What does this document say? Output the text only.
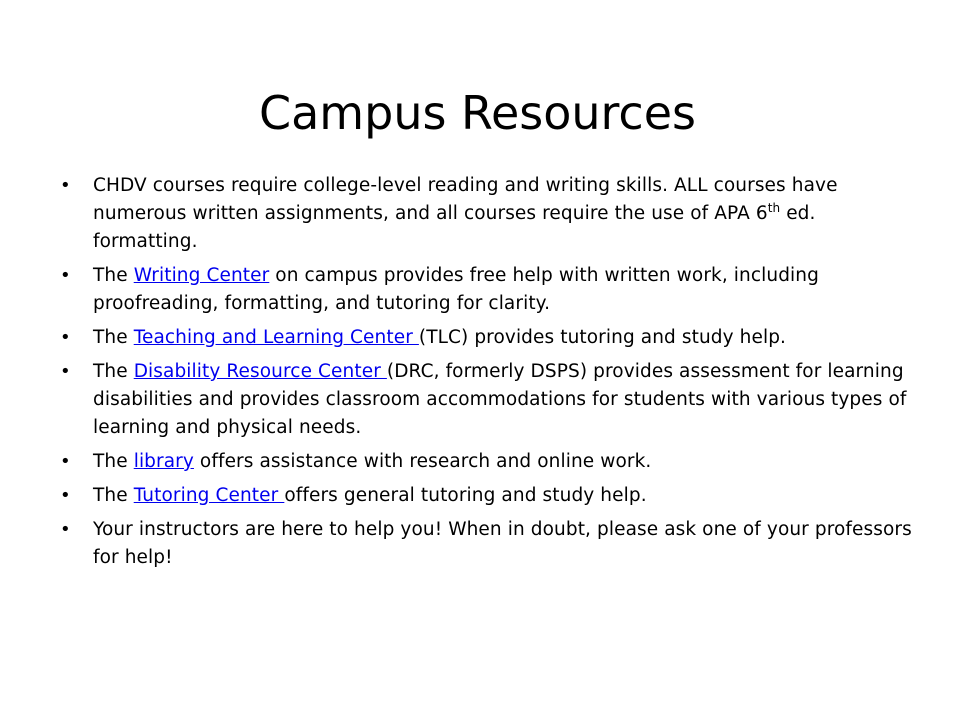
Campus Resources
•	CHDV courses require college-level reading and writing skills. ALL courses have numerous written assignments, and all courses require the use of APA 6th ed. formatting.
•	The Writing Center on campus provides free help with written work, including proofreading, formatting, and tutoring for clarity.
•	The Teaching and Learning Center (TLC) provides tutoring and study help.
•	The Disability Resource Center (DRC, formerly DSPS) provides assessment for learning disabilities and provides classroom accommodations for students with various types of learning and physical needs.
•	The library offers assistance with research and online work.
•	The Tutoring Center offers general tutoring and study help.
•	Your instructors are here to help you! When in doubt, please ask one of your professors for help!
